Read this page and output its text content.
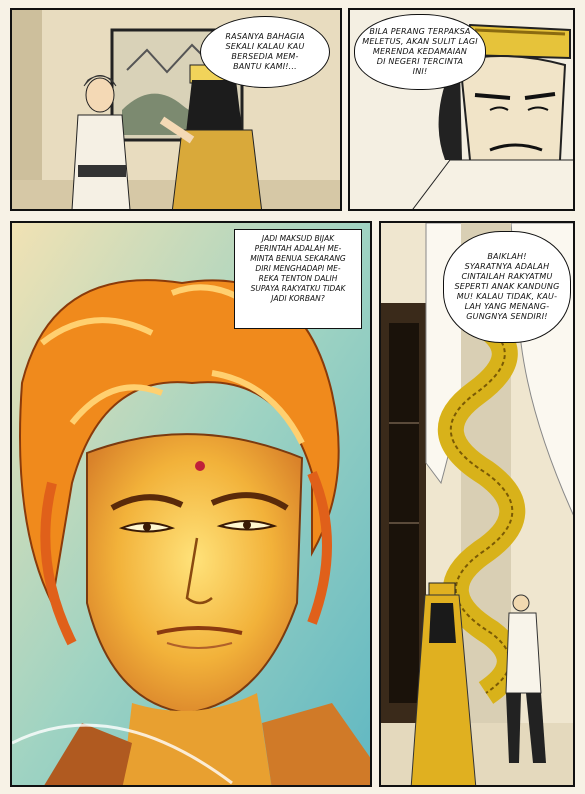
RASANYA BAHAGIA
SEKALI KALAU KAU
BERSEDIA MEM-
BANTU KAMI!...
BILA PERANG TERPAKSA
MELETUS, AKAN SULIT LAGI
MERENDA KEDAMAIAN
DI NEGERI TERCINTA
INI!
JADI MAKSUD BIJAK
PERINTAH ADALAH ME-
MINTA BENUA SEKARANG
DIRI MENGHADAPI ME-
REKA TENTON DALIH
SUPAYA RAKYATKU TIDAK
JADI KORBAN?
BAIKLAH!
SYARATNYA ADALAH
CINTAILAH RAKYATMU
SEPERTI ANAK KANDUNG
MU! KALAU TIDAK, KAU-
LAH YANG MENANG-
GUNGNYA SENDIRI!
